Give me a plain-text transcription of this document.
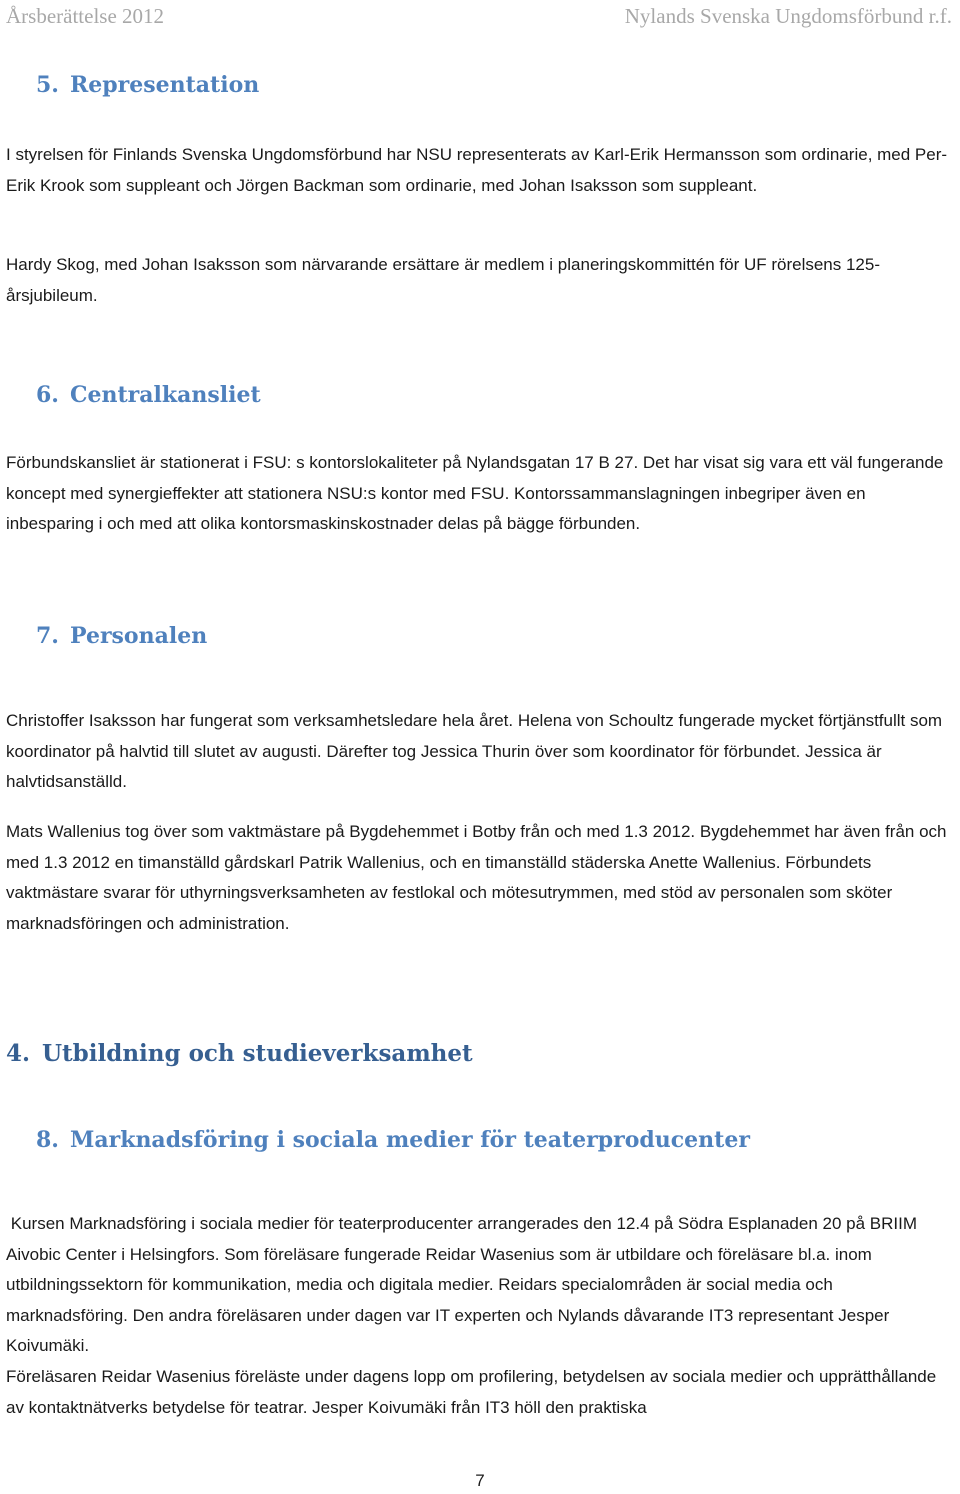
Årsberättelse 2012	Nylands Svenska Ungdomsförbund r.f.
5. Representation

I styrelsen för Finlands Svenska Ungdomsförbund har NSU representerats av Karl-Erik Hermansson som ordinarie, med Per-Erik Krook som suppleant och Jörgen Backman som ordinarie, med Johan Isaksson som suppleant.

Hardy Skog, med Johan Isaksson som närvarande ersättare är medlem i planeringskommittén för UF rörelsens 125-årsjubileum.

6. Centralkansliet

Förbundskansliet är stationerat i FSU: s kontorslokaliteter på Nylandsgatan 17 B 27. Det har visat sig vara ett väl fungerande koncept med synergieffekter att stationera NSU:s kontor med FSU. Kontorssammanslagningen inbegriper även en inbesparing i och med att olika kontorsmaskinskostnader delas på bägge förbunden.

7. Personalen

Christoffer Isaksson har fungerat som verksamhetsledare hela året. Helena von Schoultz fungerade mycket förtjänstfullt som koordinator på halvtid till slutet av augusti. Därefter tog Jessica Thurin över som koordinator för förbundet. Jessica är halvtidsanställd.

Mats Wallenius tog över som vaktmästare på Bygdehemmet i Botby från och med 1.3 2012. Bygdehemmet har även från och med 1.3 2012 en timanställd gårdskarl Patrik Wallenius, och en timanställd städerska Anette Wallenius. Förbundets vaktmästare svarar för uthyrningsverksamheten av festlokal och mötesutrymmen, med stöd av personalen som sköter marknadsföringen och administration.

4. Utbildning och studieverksamhet
8. Marknadsföring i sociala medier för teaterproducenter

Kursen Marknadsföring i sociala medier för teaterproducenter arrangerades den 12.4 på Södra Esplanaden 20 på BRIIM Aivobic Center i Helsingfors. Som föreläsare fungerade Reidar Wasenius som är utbildare och föreläsare bl.a. inom utbildningssektorn för kommunikation, media och digitala medier. Reidars specialområden är social media och marknadsföring. Den andra föreläsaren under dagen var IT experten och Nylands dåvarande IT3 representant Jesper Koivumäki.

Föreläsaren Reidar Wasenius föreläste under dagens lopp om profilering, betydelsen av sociala medier och upprätthållande av kontaktnätverks betydelse för teatrar. Jesper Koivumäki från IT3 höll den praktiska

7
